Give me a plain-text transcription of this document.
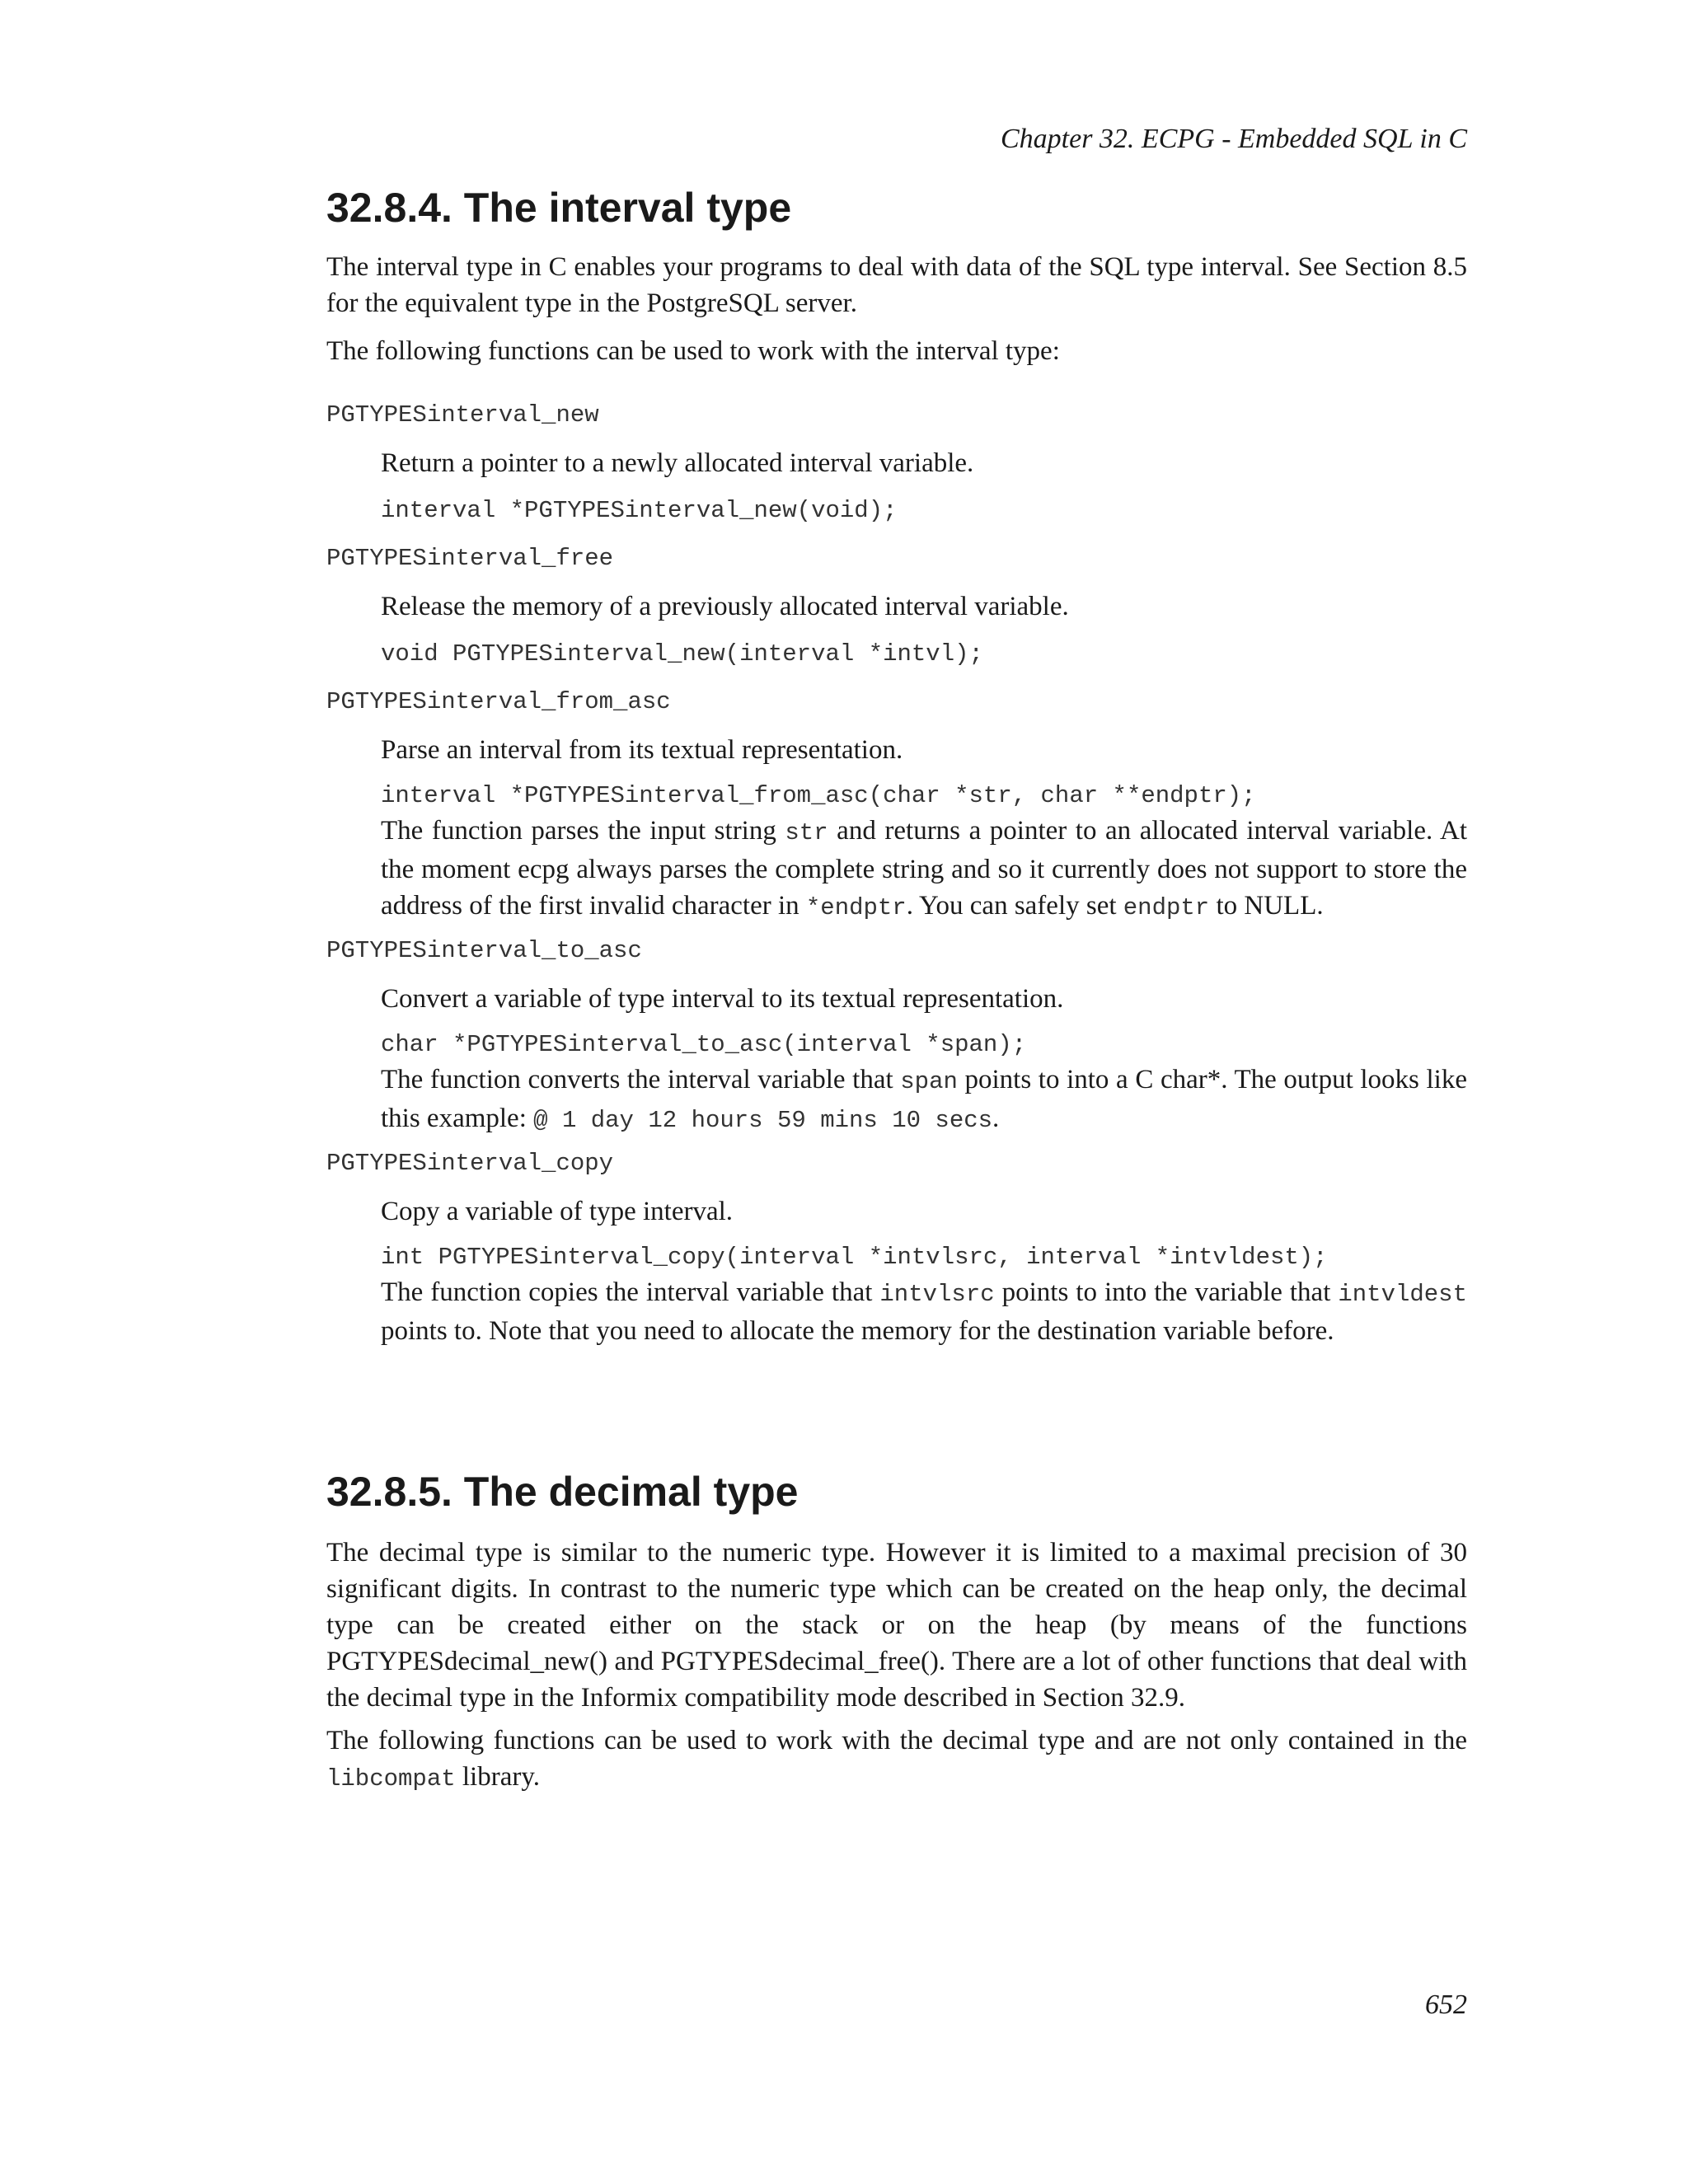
Chapter 32. ECPG - Embedded SQL in C
32.8.4. The interval type

The interval type in C enables your programs to deal with data of the SQL type interval. See Section 8.5 for the equivalent type in the PostgreSQL server.

The following functions can be used to work with the interval type:

PGTYPESinterval_new

Return a pointer to a newly allocated interval variable.

interval *PGTYPESinterval_new(void);
PGTYPESinterval_free

Release the memory of a previously allocated interval variable.

void PGTYPESinterval_new(interval *intvl);
PGTYPESinterval_from_asc

Parse an interval from its textual representation.

interval *PGTYPESinterval_from_asc(char *str, char **endptr);

The function parses the input string str and returns a pointer to an allocated interval variable. At the moment ecpg always parses the complete string and so it currently does not support to store the address of the first invalid character in *endptr. You can safely set endptr to NULL.

PGTYPESinterval_to_asc

Convert a variable of type interval to its textual representation.

char *PGTYPESinterval_to_asc(interval *span);

The function converts the interval variable that span points to into a C char*. The output looks like this example: @ 1 day 12 hours 59 mins 10 secs.

PGTYPESinterval_copy

Copy a variable of type interval.

int PGTYPESinterval_copy(interval *intvlsrc, interval *intvldest);

The function copies the interval variable that intvlsrc points to into the variable that intvldest points to. Note that you need to allocate the memory for the destination variable before.

32.8.5. The decimal type

The decimal type is similar to the numeric type. However it is limited to a maximal precision of 30 significant digits. In contrast to the numeric type which can be created on the heap only, the decimal type can be created either on the stack or on the heap (by means of the functions PGTYPESdecimal_new() and PGTYPESdecimal_free(). There are a lot of other functions that deal with the decimal type in the Informix compatibility mode described in Section 32.9.

The following functions can be used to work with the decimal type and are not only contained in the libcompat library.

652
